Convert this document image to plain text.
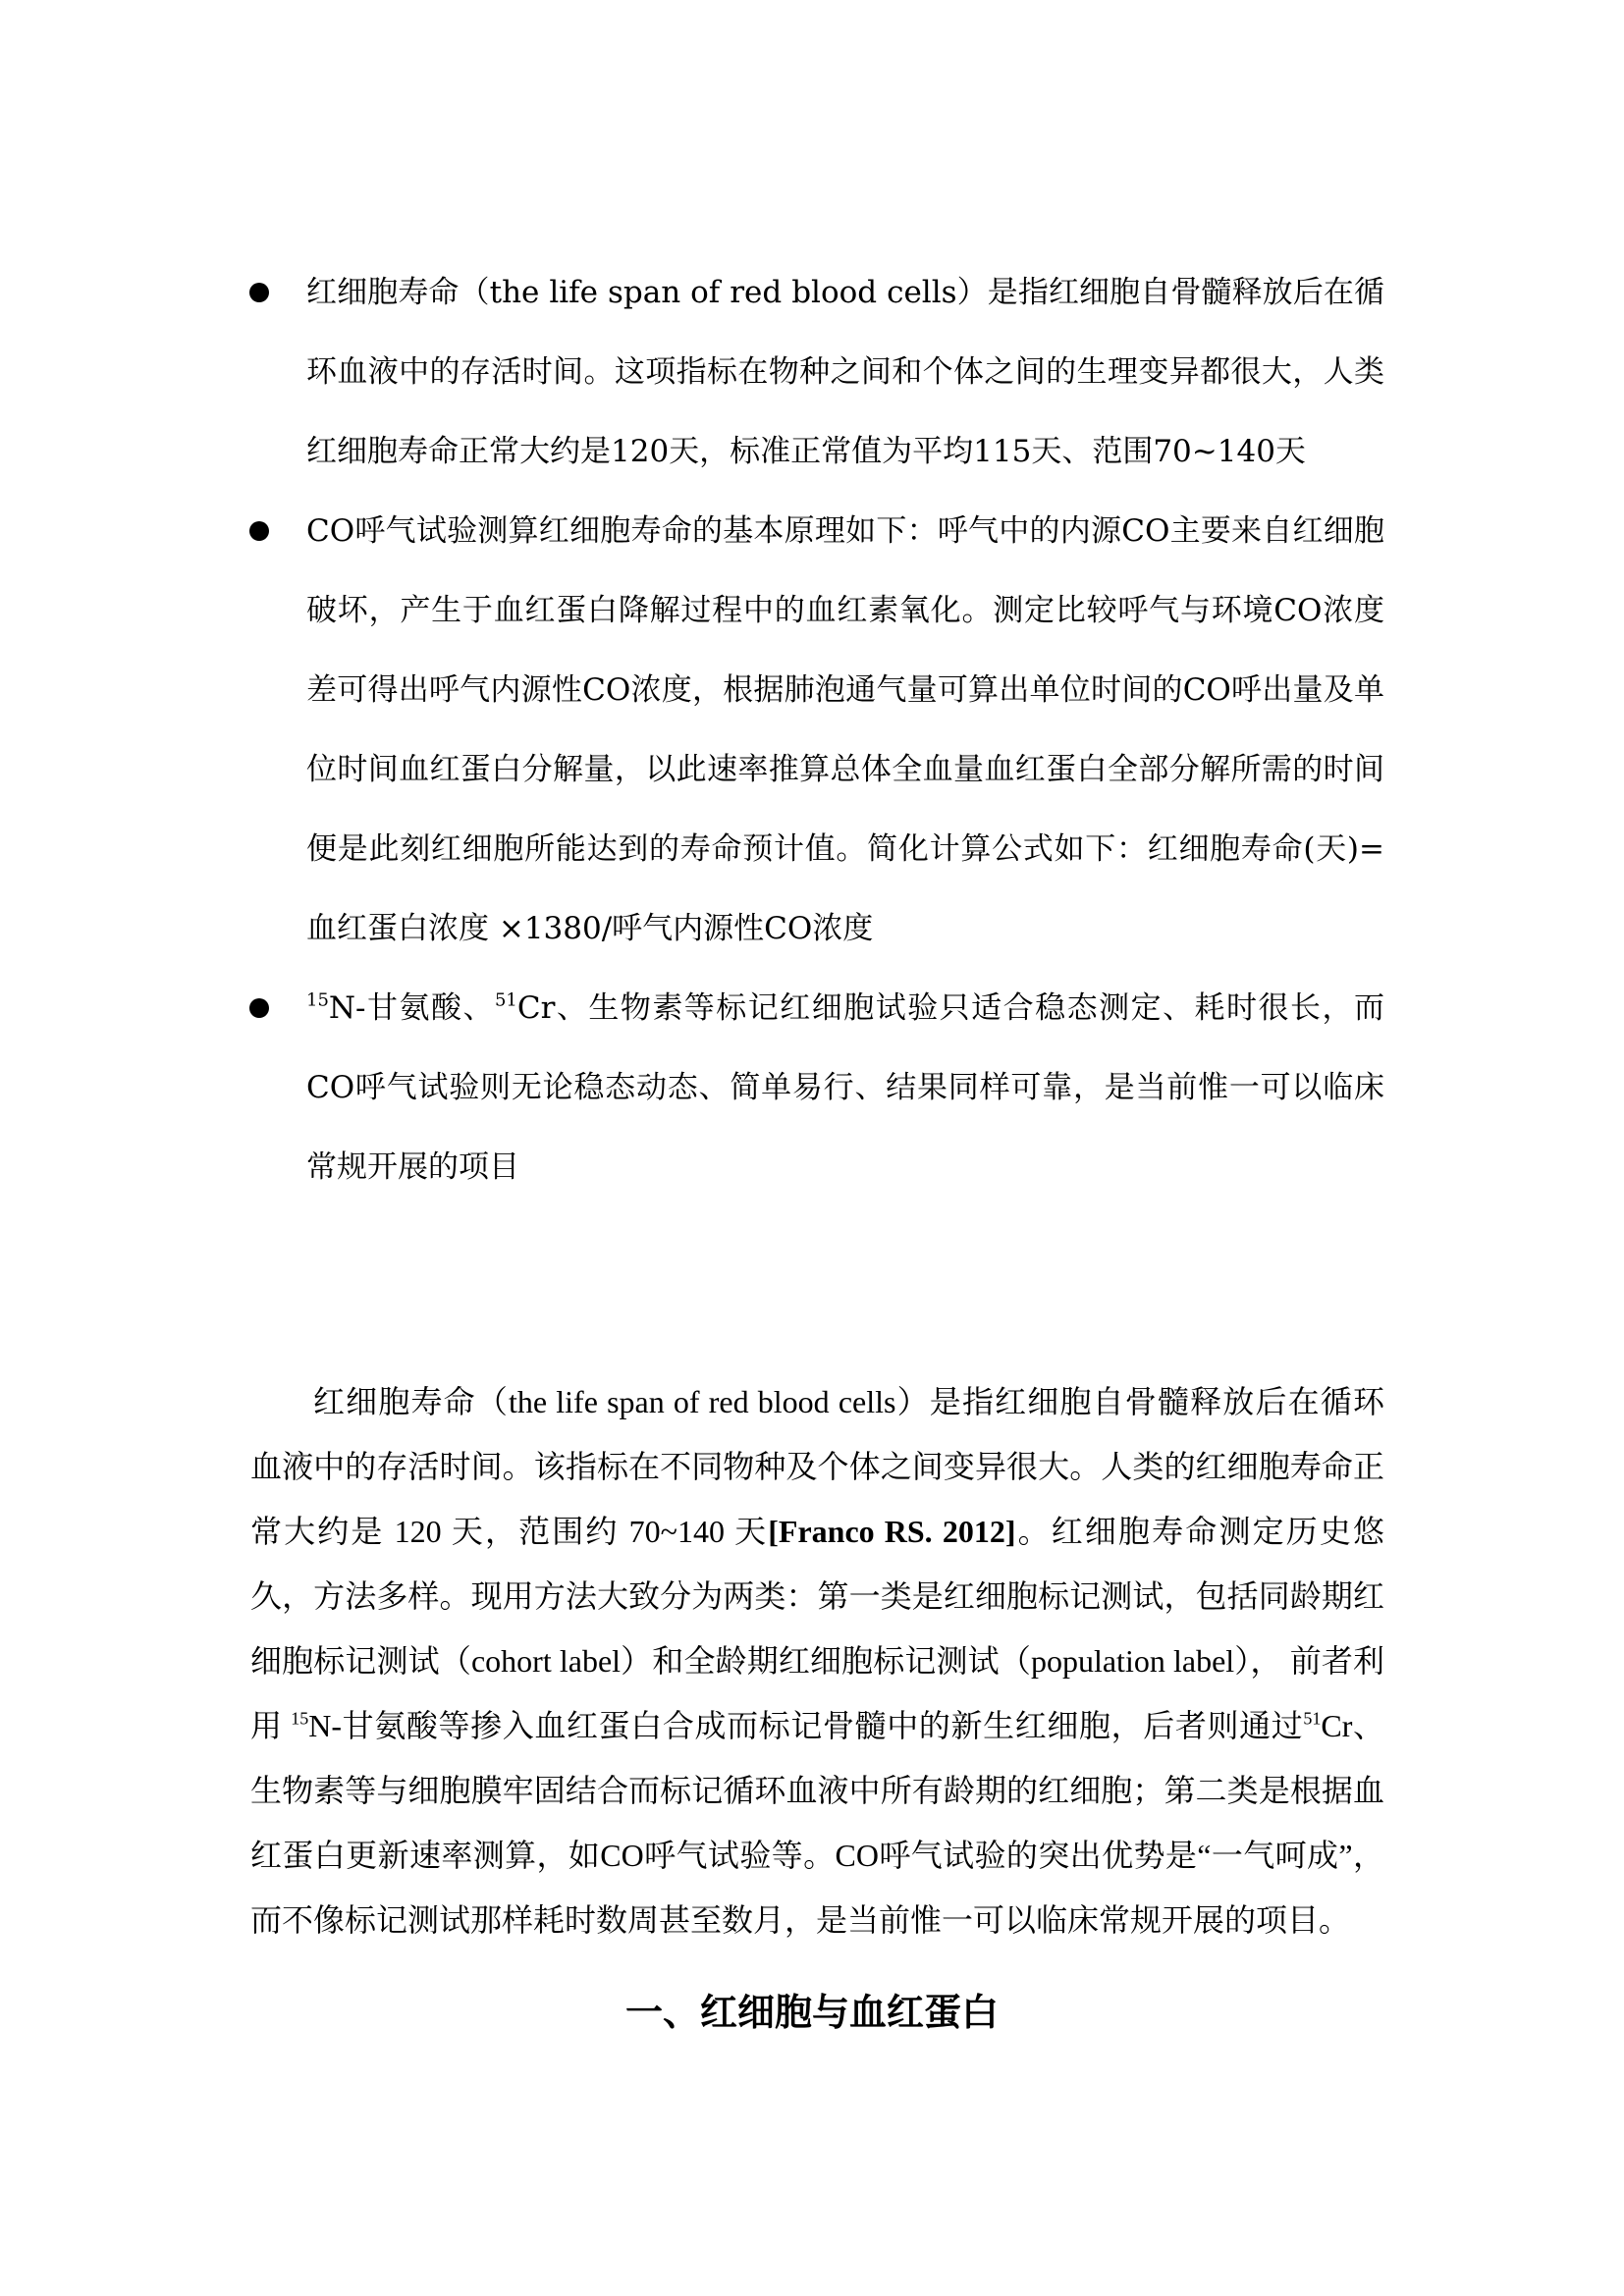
红细胞寿命（the life span of red blood cells）是指红细胞自骨髓释放后在循环血液中的存活时间。这项指标在物种之间和个体之间的生理变异都很大，人类红细胞寿命正常大约是120天，标准正常值为平均115天、范围70~140天
CO呼气试验测算红细胞寿命的基本原理如下：呼气中的内源CO主要来自红细胞破坏，产生于血红蛋白降解过程中的血红素氧化。测定比较呼气与环境CO浓度差可得出呼气内源性CO浓度，根据肺泡通气量可算出单位时间的CO呼出量及单位时间血红蛋白分解量，以此速率推算总体全血量血红蛋白全部分解所需的时间便是此刻红细胞所能达到的寿命预计值。简化计算公式如下：红细胞寿命(天)=血红蛋白浓度 ×1380/呼气内源性CO浓度
$^{15}$N-甘氨酸、$^{51}$Cr、生物素等标记红细胞试验只适合稳态测定、耗时很长，而CO呼气试验则无论稳态动态、简单易行、结果同样可靠，是当前惟一可以临床常规开展的项目

红细胞寿命（the life span of red blood cells）是指红细胞自骨髓释放后在循环血液中的存活时间。该指标在不同物种及个体之间变异很大。人类的红细胞寿命正常大约是 120 天，范围约 70~140 天[Franco RS. 2012]。红细胞寿命测定历史悠久，方法多样。现用方法大致分为两类：第一类是红细胞标记测试，包括同龄期红细胞标记测试（cohort label）和全龄期红细胞标记测试（population label）， 前者利用 $^{15}$N-甘氨酸等掺入血红蛋白合成而标记骨髓中的新生红细胞，后者则通过$^{51}$Cr、生物素等与细胞膜牢固结合而标记循环血液中所有龄期的红细胞；第二类是根据血红蛋白更新速率测算，如CO呼气试验等。CO呼气试验的突出优势是“一气呵成”，而不像标记测试那样耗时数周甚至数月，是当前惟一可以临床常规开展的项目。

一、红细胞与血红蛋白
